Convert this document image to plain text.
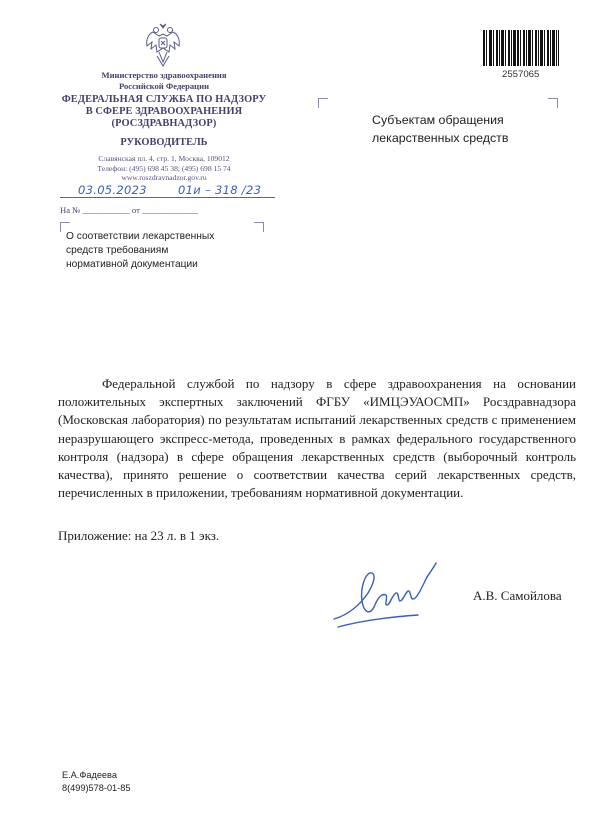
Министерство здравоохранения
Российской Федерации
ФЕДЕРАЛЬНАЯ СЛУЖБА ПО НАДЗОРУ
В СФЕРЕ ЗДРАВООХРАНЕНИЯ
(РОСЗДРАВНАДЗОР)
РУКОВОДИТЕЛЬ
Славянская пл. 4, стр. 1, Москва, 109012
Телефон: (495) 698 45 38; (495) 698 15 74
www.roszdravnadzor.gov.ru
03.05.2023	01и – 318 /23
На № ___________ от _____________
О соответствии лекарственных
средств требованиям
нормативной документации
Субъектам обращения
лекарственных средств
2557065
Федеральной службой по надзору в сфере здравоохранения на основании положительных экспертных заключений ФГБУ «ИМЦЭУАОСМП» Росздравнадзора (Московская лаборатория) по результатам испытаний лекарственных средств с применением неразрушающего экспресс-метода, проведенных в рамках федерального государственного контроля (надзора) в сфере обращения лекарственных средств (выборочный контроль качества), принято решение о соответствии качества серий лекарственных средств, перечисленных в приложении, требованиям нормативной документации.
Приложение: на 23 л. в 1 экз.
А.В. Самойлова
Е.А.Фадеева
8(499)578-01-85
